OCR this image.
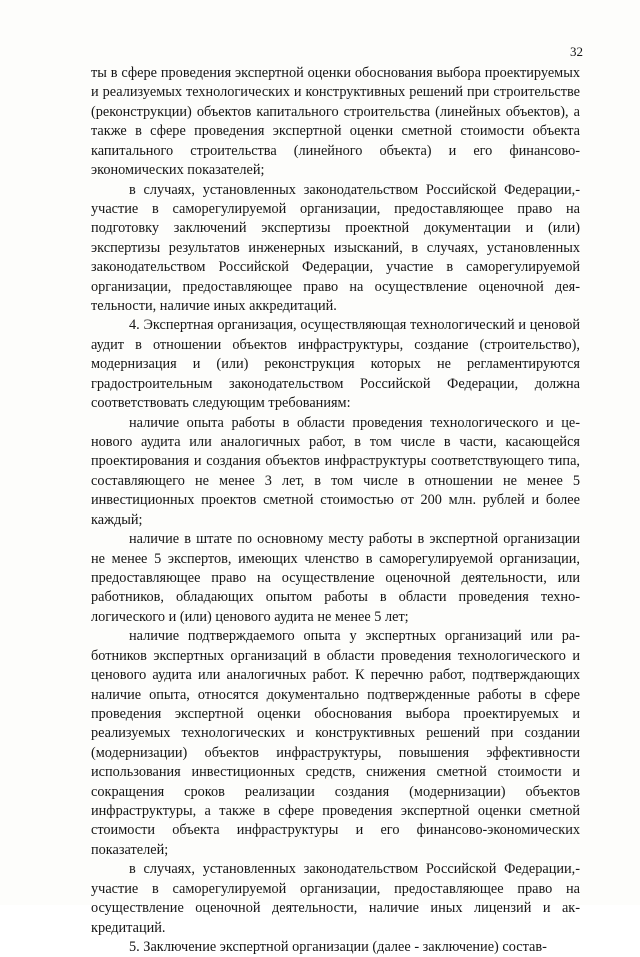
32

ты в сфере проведения экспертной оценки обоснования выбора проектируемых и реализуемых технологических и конструктивных решений при строительстве (реконструкции) объектов капитального строительства (линейных объектов), а также в сфере проведения экспертной оценки сметной стоимости объекта капитального строительства (линейного объекта) и его финансово-экономических показателей;

в случаях, установленных законодательством Российской Федерации,- участие в саморегулируемой организации, предоставляющее право на подготовку заключений экспертизы проектной документации и (или) экспертизы результатов инженерных изысканий, в случаях, установленных законодательством Российской Федерации, участие в саморегулируемой организации, предоставляющее право на осуществление оценочной деятельности, наличие иных аккредитаций.

4. Экспертная организация, осуществляющая технологический и ценовой аудит в отношении объектов инфраструктуры, создание (строительство), модернизация и (или) реконструкция которых не регламентируются градостроительным законодательством Российской Федерации, должна соответствовать следующим требованиям:

наличие опыта работы в области проведения технологического и ценового аудита или аналогичных работ, в том числе в части, касающейся проектирования и создания объектов инфраструктуры соответствующего типа, составляющего не менее 3 лет, в том числе в отношении не менее 5 инвестиционных проектов сметной стоимостью от 200 млн. рублей и более каждый;

наличие в штате по основному месту работы в экспертной организации не менее 5 экспертов, имеющих членство в саморегулируемой организации, предоставляющее право на осуществление оценочной деятельности, или работников, обладающих опытом работы в области проведения технологического и (или) ценового аудита не менее 5 лет;

наличие подтверждаемого опыта у экспертных организаций или работников экспертных организаций в области проведения технологического и ценового аудита или аналогичных работ. К перечню работ, подтверждающих наличие опыта, относятся документально подтвержденные работы в сфере проведения экспертной оценки обоснования выбора проектируемых и реализуемых технологических и конструктивных решений при создании (модернизации) объектов инфраструктуры, повышения эффективности использования инвестиционных средств, снижения сметной стоимости и сокращения сроков реализации создания (модернизации) объектов инфраструктуры, а также в сфере проведения экспертной оценки сметной стоимости объекта инфраструктуры и его финансово-экономических показателей;

в случаях, установленных законодательством Российской Федерации,- участие в саморегулируемой организации, предоставляющее право на осуществление оценочной деятельности, наличие иных лицензий и аккредитаций.

5. Заключение экспертной организации (далее - заключение) состав-
